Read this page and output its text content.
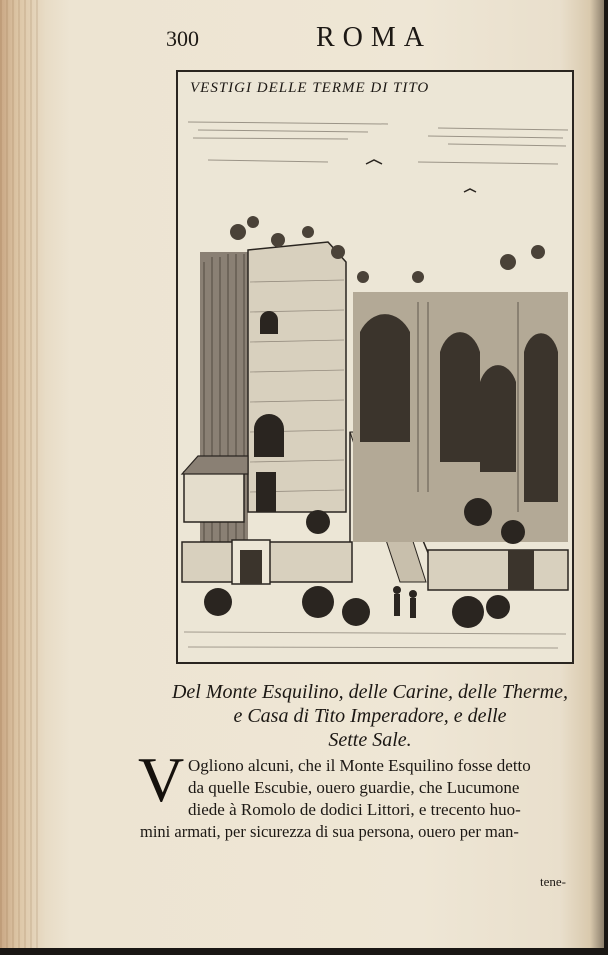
300	ROMA
VESTIGI DELLE TERME DI TITO
Del Monte Esquilino, delle Carine, delle Therme,
e Casa di Tito Imperadore, e delle
Sette Sale.
V Ogliono alcuni, che il Monte Esquilino fosse detto
da quelle Escubie, ouero guardie, che Lucumone
diede à Romolo de dodici Littori, e trecento huo-
mini armati, per sicurezza di sua persona, ouero per man-
tene-
